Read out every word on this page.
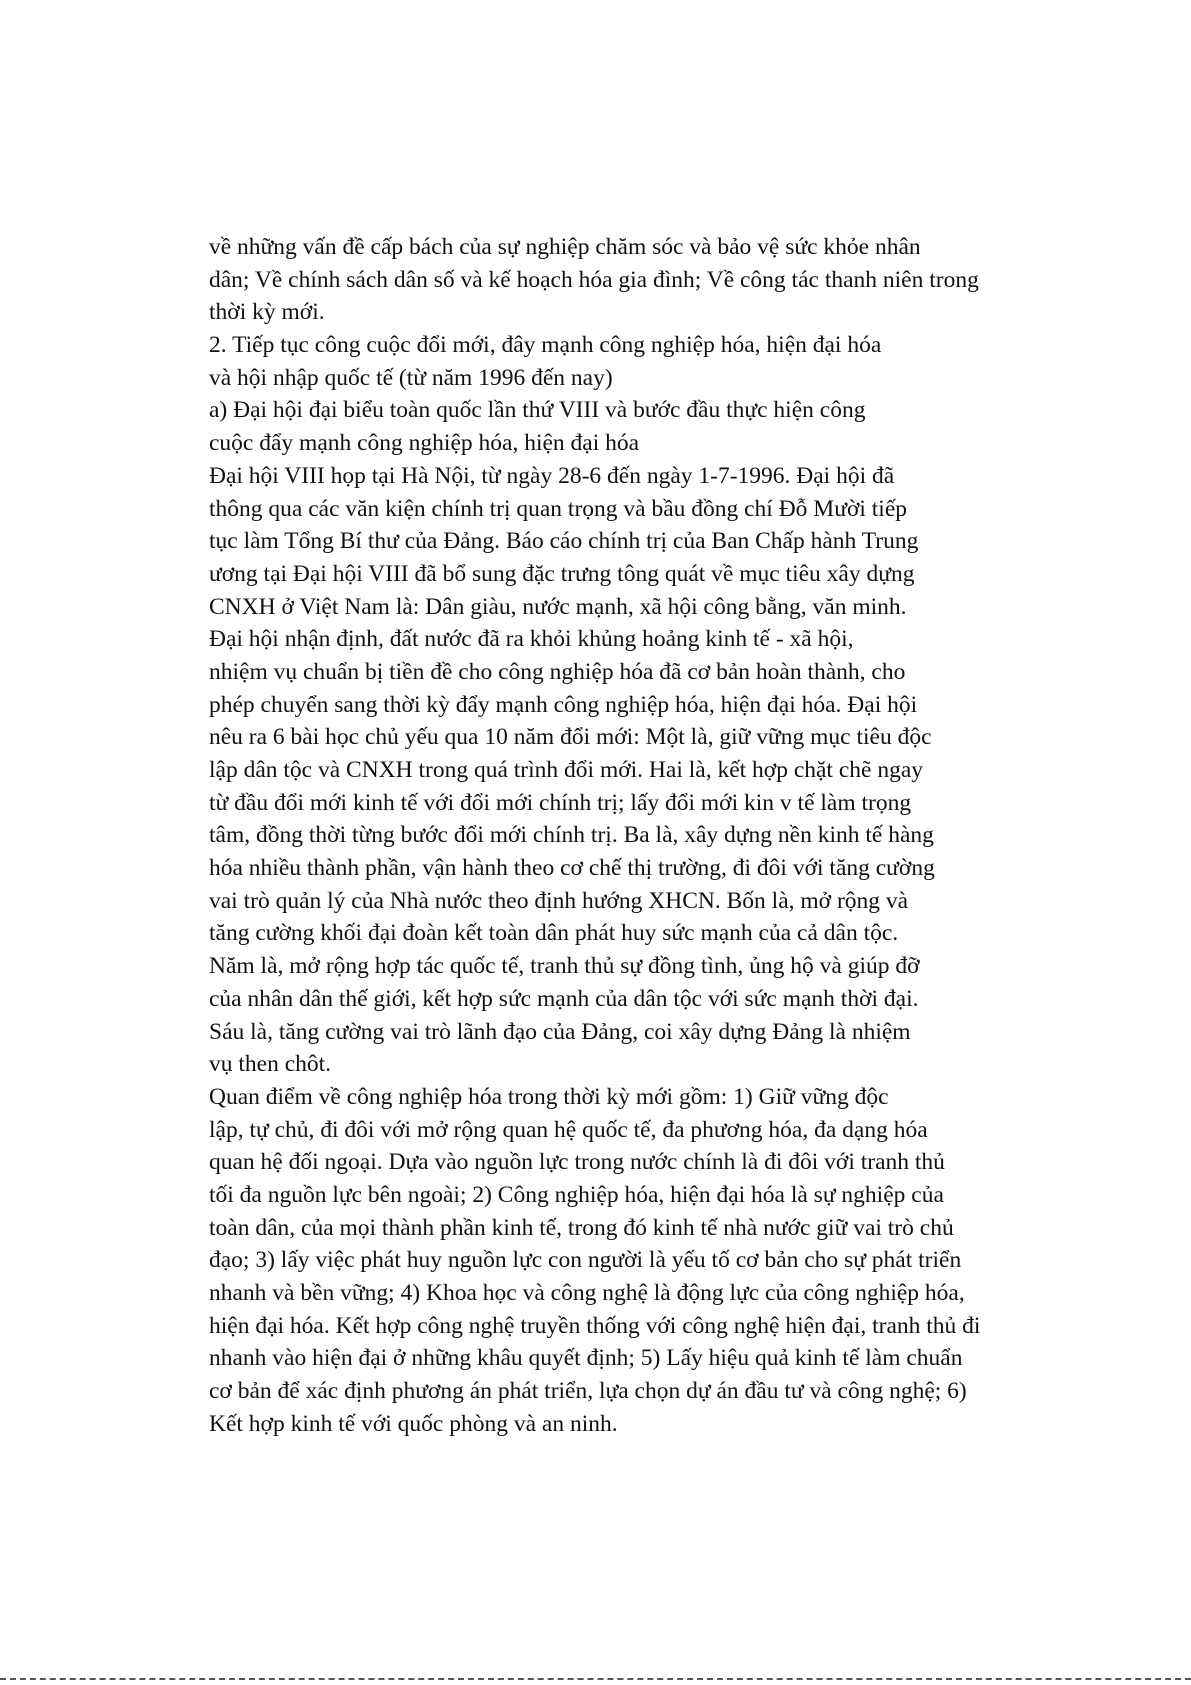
về những vấn đề cấp bách của sự nghiệp chăm sóc và bảo vệ sức khỏe nhân
dân; Về chính sách dân số và kế hoạch hóa gia đình; Về công tác thanh niên trong
thời kỳ mới.
2. Tiếp tục công cuộc đổi mới, đây mạnh công nghiệp hóa, hiện đại hóa
và hội nhập quốc tế (từ năm 1996 đến nay)
a) Đại hội đại biểu toàn quốc lần thứ VIII và bước đầu thực hiện công
cuộc đẩy mạnh công nghiệp hóa, hiện đại hóa
Đại hội VIII họp tại Hà Nội, từ ngày 28-6 đến ngày 1-7-1996. Đại hội đã
thông qua các văn kiện chính trị quan trọng và bầu đồng chí Đỗ Mười tiếp
tục làm Tổng Bí thư của Đảng. Báo cáo chính trị của Ban Chấp hành Trung
ương tại Đại hội VIII đã bổ sung đặc trưng tông quát về mục tiêu xây dựng
CNXH ở Việt Nam là: Dân giàu, nước mạnh, xã hội công bằng, văn minh.
Đại hội nhận định, đất nước đã ra khỏi khủng hoảng kinh tế - xã hội,
nhiệm vụ chuẩn bị tiền đề cho công nghiệp hóa đã cơ bản hoàn thành, cho
phép chuyển sang thời kỳ đẩy mạnh công nghiệp hóa, hiện đại hóa. Đại hội
nêu ra 6 bài học chủ yếu qua 10 năm đổi mới: Một là, giữ vững mục tiêu độc
lập dân tộc và CNXH trong quá trình đổi mới. Hai là, kết hợp chặt chẽ ngay
từ đầu đổi mới kinh tế với đổi mới chính trị; lấy đổi mới kin v tế làm trọng
tâm, đồng thời từng bước đổi mới chính trị. Ba là, xây dựng nền kinh tế hàng
hóa nhiều thành phần, vận hành theo cơ chế thị trường, đi đôi với tăng cường
vai trò quản lý của Nhà nước theo định hướng XHCN. Bốn là, mở rộng và
tăng cường khối đại đoàn kết toàn dân phát huy sức mạnh của cả dân tộc.
Năm là, mở rộng hợp tác quốc tế, tranh thủ sự đồng tình, ủng hộ và giúp đỡ
của nhân dân thế giới, kết hợp sức mạnh của dân tộc với sức mạnh thời đại.
Sáu là, tăng cường vai trò lãnh đạo của Đảng, coi xây dựng Đảng là nhiệm
vụ then chôt.
Quan điểm về công nghiệp hóa trong thời kỳ mới gồm: 1) Giữ vững độc
lập, tự chủ, đi đôi với mở rộng quan hệ quốc tế, đa phương hóa, đa dạng hóa
quan hệ đối ngoại. Dựa vào nguồn lực trong nước chính là đi đôi với tranh thủ
tối đa nguồn lực bên ngoài; 2) Công nghiệp hóa, hiện đại hóa là sự nghiệp của
toàn dân, của mọi thành phần kinh tế, trong đó kinh tế nhà nước giữ vai trò chủ
đạo; 3) lấy việc phát huy nguồn lực con người là yếu tố cơ bản cho sự phát triển
nhanh và bền vững; 4) Khoa học và công nghệ là động lực của công nghiệp hóa,
hiện đại hóa. Kết hợp công nghệ truyền thống với công nghệ hiện đại, tranh thủ đi
nhanh vào hiện đại ở những khâu quyết định; 5) Lấy hiệu quả kinh tế làm chuẩn
cơ bản để xác định phương án phát triển, lựa chọn dự án đầu tư và công nghệ; 6)
Kết hợp kinh tế với quốc phòng và an ninh.
